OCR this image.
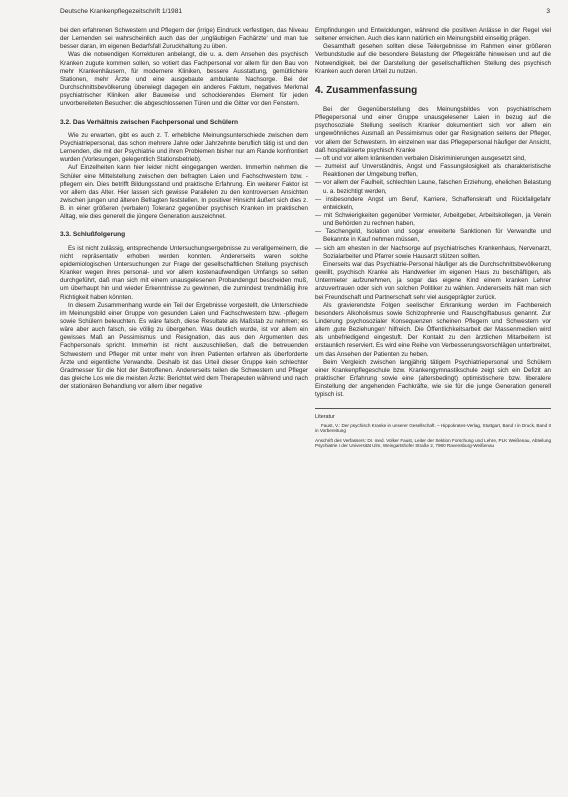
Deutsche Krankenpflegezeitschrift 1/1981	3

bei den erfahrenen Schwestern und Pflegern der (irrige) Eindruck verfestigen, das Niveau der Lernenden sei wahrscheinlich auch das der ‚ungläubigen Fachärzte‘ und man tue besser daran, im eigenen Bedarfsfall Zuruckhaltung zu üben.

Was die notwendigen Korrekturen anbelangt, die u. a. dem Ansehen des psychisch Kranken zugute kommen sollen, so votiert das Fachpersonal vor allem für den Bau von mehr Krankenhäusern, für modernere Kliniken, bessere Ausstattung, gemütlichere Stationen, mehr Ärzte und eine ausgebaute ambulante Nachsorge. Bei der Durchschnittsbevölkerung überwiegt dagegen ein anderes Faktum, negatives Merkmal psychiatrischer Kliniken aller Bauweise und schockierendes Element für jeden unvorbereiteten Besucher: die abgeschlossenen Türen und die Gitter vor den Fenstern.

3.2. Das Verhältnis zwischen Fachpersonal und Schülern

Wie zu erwarten, gibt es auch z. T. erhebliche Meinungsunterschiede zwischen dem Psychiatriepersonal, das schon mehrere Jahre oder Jahrzehnte beruflich tätig ist und den Lernenden, die mit der Psychiatrie und ihren Problemen bisher nur am Rande konfrontiert wurden (Vorlesungen, gelegentlich Stationsbetrieb).

Auf Einzelheiten kann hier leider nicht eingegangen werden. Immerhin nehmen die Schüler eine Mittelstellung zwischen den befragten Laien und Fachschwestern bzw. -pflegern ein. Dies betrifft Bildungsstand und praktische Erfahrung. Ein weiterer Faktor ist vor allem das Alter. Hier lassen sich gewisse Parallelen zu den kontroversen Ansichten zwischen jungen und älteren Befragten feststellen. In positiver Hinsicht äußert sich dies z. B. in einer größeren (verbalen) Toleranz gegenüber psychisch Kranken im praktischen Alltag, wie dies generell die jüngere Generation auszeichnet.

3.3. Schlußfolgerung

Es ist nicht zulässig, entsprechende Untersuchungsergebnisse zu verallgemeinern, die nicht repräsentativ erhoben werden konnten. Andererseits waren solche epidemiologischen Untersuchungen zur Frage der gesellschaftlichen Stellung psychisch Kranker wegen ihres personal- und vor allem kostenaufwendigen Umfangs so selten durchgeführt, daß man sich mit einem unausgelesenen Probandengut bescheiden muß, um überhaupt hin und wieder Erkenntnisse zu gewinnen, die zumindest trendmäßig ihre Richtigkeit haben könnten.

In diesem Zusammenhang wurde ein Teil der Ergebnisse vorgestellt, die Unterschiede im Meinungsbild einer Gruppe von gesunden Laien und Fachschwestern bzw. -pflegern sowie Schülern beleuchten. Es wäre falsch, diese Resultate als Maßstab zu nehmen; es wäre aber auch falsch, sie völlig zu übergehen. Was deutlich wurde, ist vor allem ein gewisses Maß an Pessimismus und Resignation, das aus den Argumenten des Fachpersonals spricht. Immerhin ist nicht auszuschließen, daß die betreuenden Schwestern und Pfleger mit unter mehr von ihren Patienten erfahren als überforderte Ärzte und eigentliche Verwandte. Deshalb ist das Urteil dieser Gruppe kein schlechter Gradmesser für die Not der Betroffenen. Andererseits teilen die Schwestern und Pfleger das gleiche Los wie die meisten Ärzte: Berichtet wird dem Therapeuten während und nach der stationären Behandlung vor allem über negative

Empfindungen und Entwicklungen, während die positiven Anlässe in der Regel viel seltener erreichen. Auch dies kann natürlich ein Meinungsbild einseitig prägen.

Gesamthaft gesehen sollten diese Teilergebnisse im Rahmen einer größeren Verbundstudie auf die besondere Belastung der Pflegekräfte hinweisen und auf die Notwendigkeit, bei der Darstellung der gesellschaftlichen Stellung des psychisch Kranken auch deren Urteil zu nutzen.

4. Zusammenfassung

Bei der Gegenüberstellung des Meinungsbildes von psychiatrischem Pflegepersonal und einer Gruppe unausgelesener Laien in bezug auf die psychosoziale Stellung seelisch Kranker dokumentiert sich vor allem ein ungewöhnliches Ausmaß an Pessimismus oder gar Resignation seitens der Pfleger, vor allem der Schwestern. Im einzelnen war das Pflegepersonal häufiger der Ansicht, daß hospitalisierte psychisch Kranke

— oft und vor allem kränkenden verbalen Diskriminierungen ausgesetzt sind,

— zumeist auf Unverständnis, Angst und Fassungslosigkeit als charakteristische Reaktionen der Umgebung treffen,

— vor allem der Faulheit, schlechten Laune, falschen Erziehung, ehelichen Belastung u. a. bezichtigt werden,

— insbesondere Angst um Beruf, Karriere, Schaffenskraft und Rückfallgefahr entwickeln,

— mit Schwierigkeiten gegenüber Vermieter, Arbeitgeber, Arbeitskollegen, ja Verein und Behörden zu rechnen haben,

— Taschengeld, Isolation und sogar erweiterte Sanktionen für Verwandte und Bekannte in Kauf nehmen müssen,

— sich am ehesten in der Nachsorge auf psychiatrisches Krankenhaus, Nervenarzt, Sozialarbeiter und Pfarrer sowie Hausarzt stützen sollten.

Einerseits war das Psychiatrie-Personal häufiger als die Durchschnittsbevölkerung gewillt, psychisch Kranke als Handwerker im eigenen Haus zu beschäftigen, als Untermieter aufzunehmen, ja sogar das eigene Kind einem kranken Lehrer anzuvertrauen oder sich von solchen Politiker zu wählen. Andererseits hält man sich bei Freundschaft und Partnerschaft sehr viel ausgeprägter zurück.

Als gravierendste Folgen seelischer Erkrankung werden im Fachbereich besonders Alkoholismus sowie Schizophrenie und Rauschgiftabusus genannt. Zur Linderung psychosozialer Konsequenzen scheinen Pflegern und Schwestern vor allem ‚gute Beziehungen‘ hilfreich. Die Öffentlichkeitsarbeit der Massenmedien wird als unbefriedigend eingestuft. Der Kontakt zu den ärztlichen Mitarbeitern ist erstaunlich reserviert. Es wird eine Reihe von Verbesserungsvorschlägen unterbreitet, um das Ansehen der Patienten zu heben.

Beim Vergleich zwischen langjährig tätigem Psychiatriepersonal und Schülern einer Krankenpflegeschule bzw. Krankengymnastikschule zeigt sich ein Defizit an praktischer Erfahrung sowie eine (altersbedingt) optimistischere bzw. liberalere Einstellung der angehenden Fachkräfte, wie sie für die junge Generation generell typisch ist.

Literatur
Faust, V.: Der psychisch Kranke in unserer Gesellschaft. – Hippokrates-Verlag, Stuttgart, Band I in Druck, Band II in Vorbereitung
Anschrift des Verfassers: Dr. med. Volker Faust, Leiter der Sektion Forschung und Lehre, PLK Weißenau, Abteilung Psychiatrie I der Universität Ulm, Weingartshofer Straße 2, 7980 Ravensburg-Weißenau
